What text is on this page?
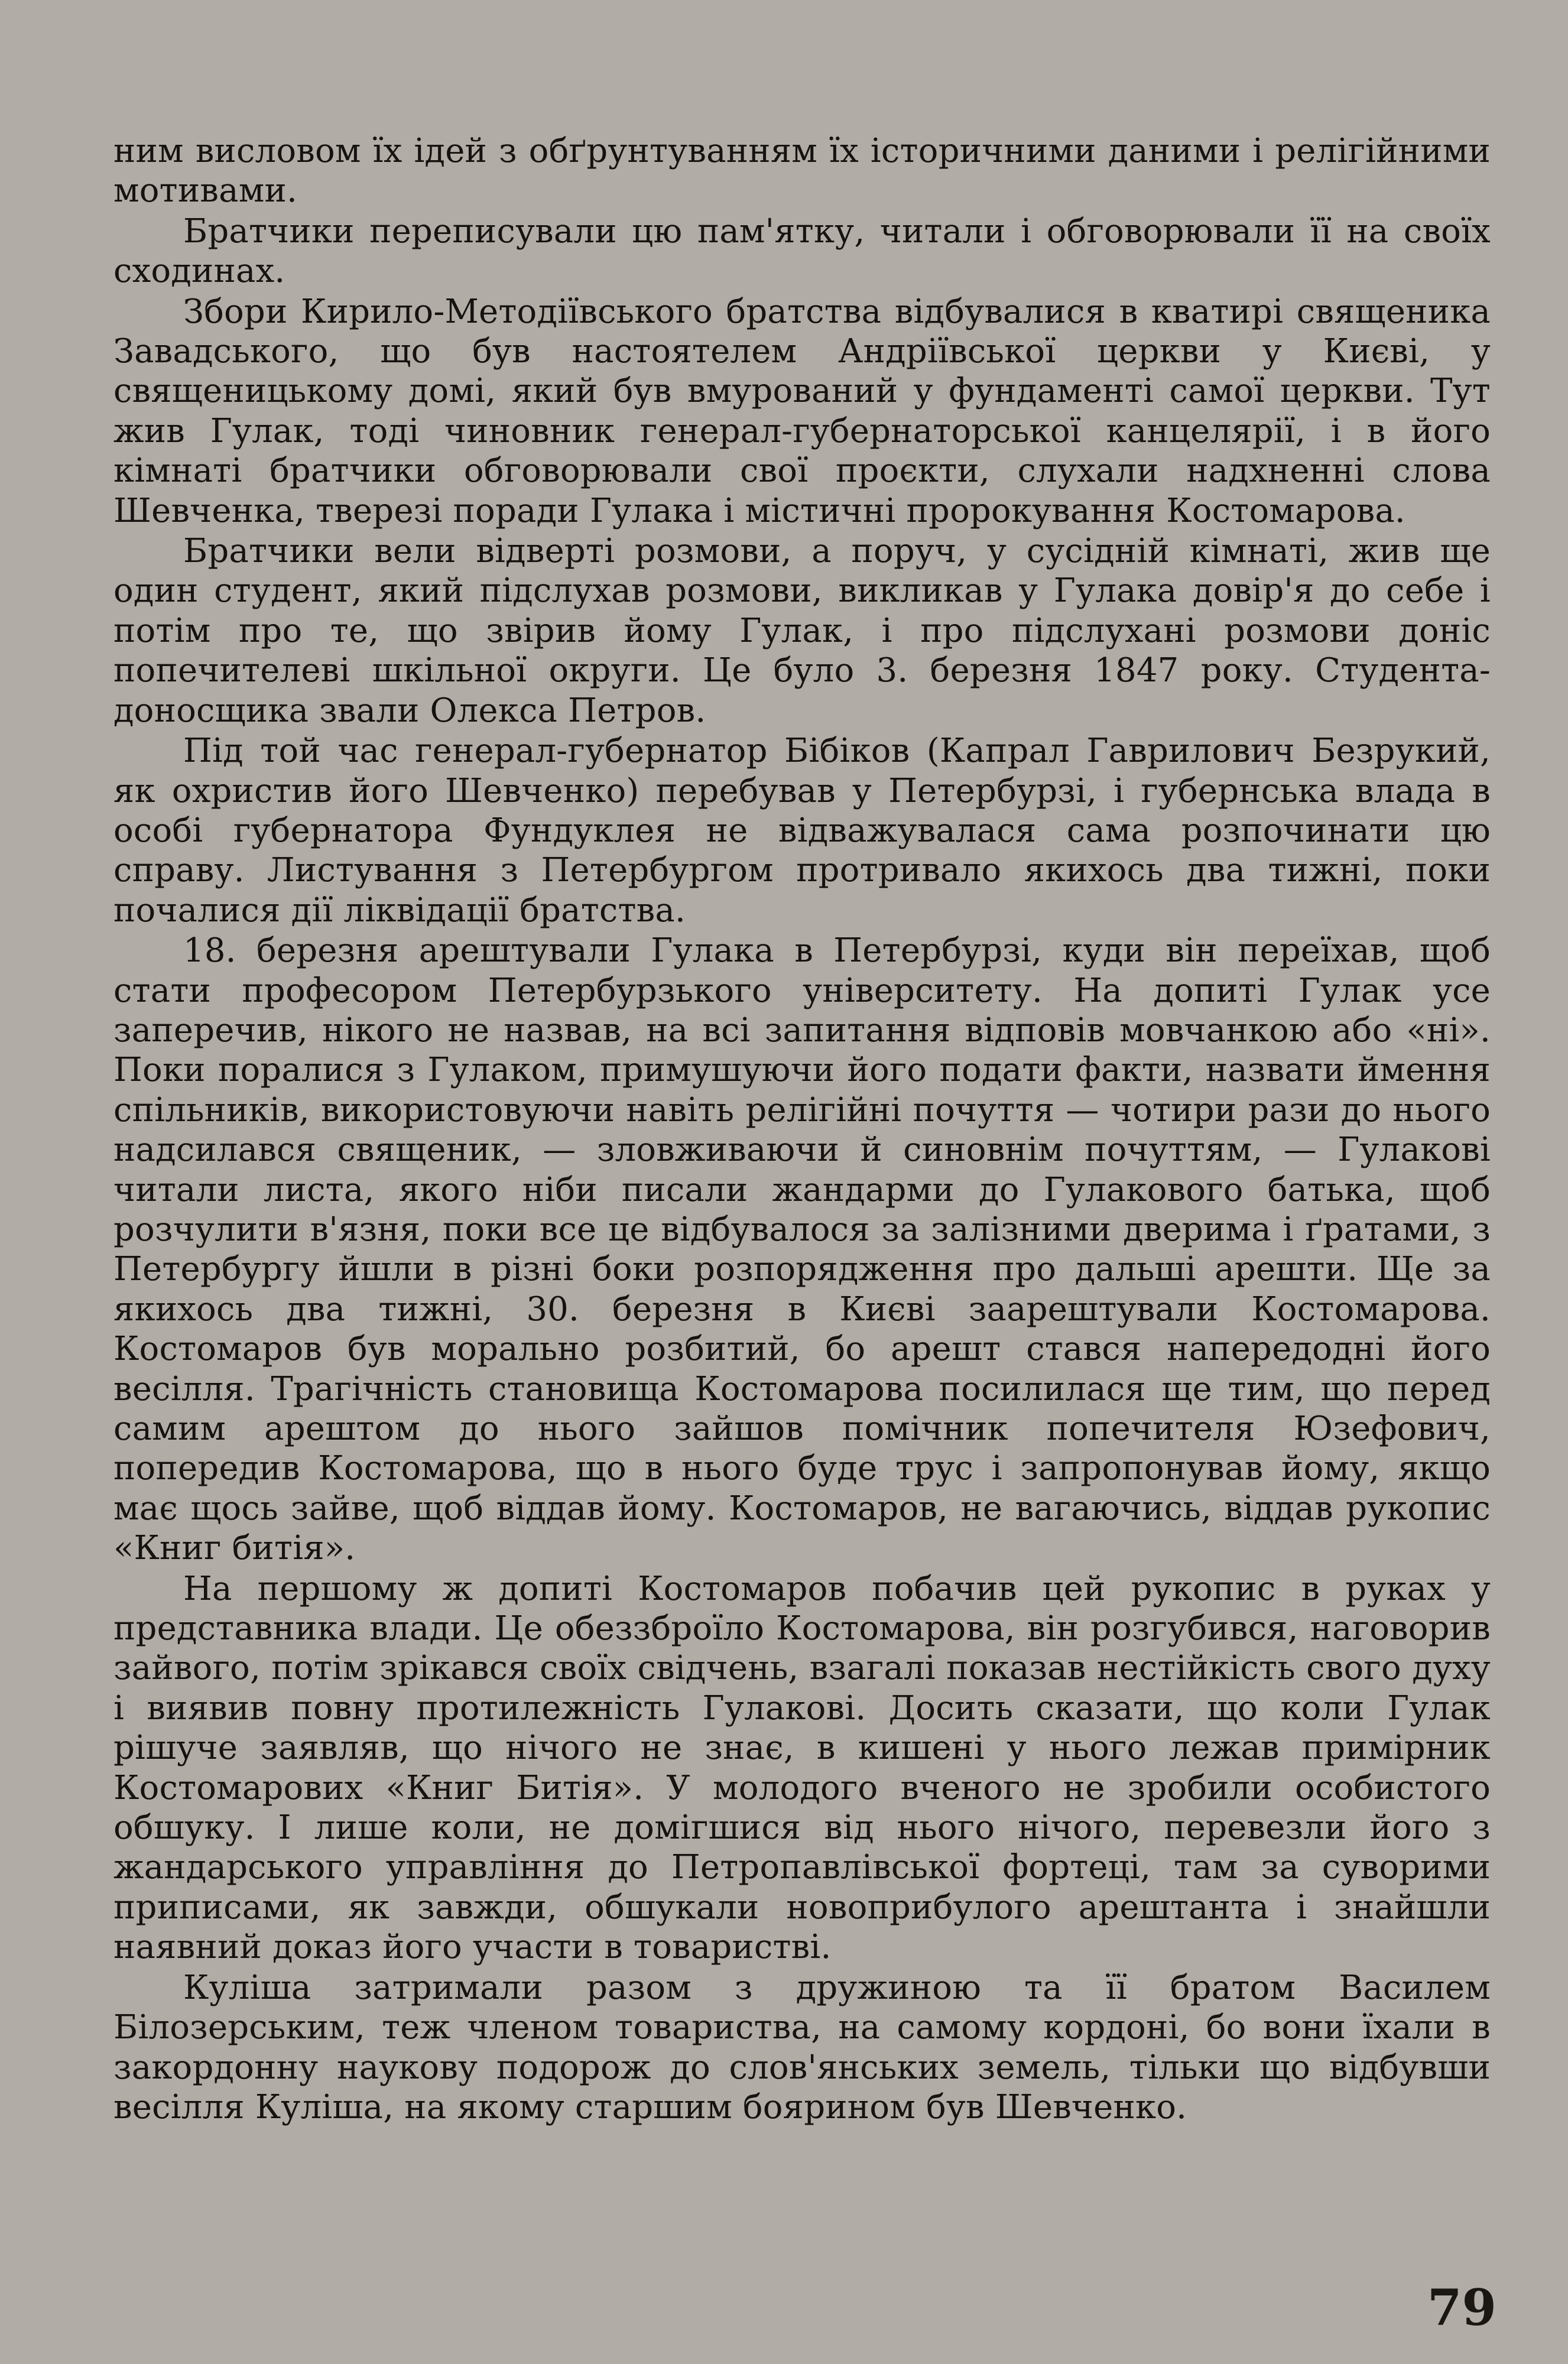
ним висловом їх ідей з обґрунтуванням їх історичними даними і релігійними мотивами.

Братчики переписували цю пам'ятку, читали і обговорювали її на своїх сходинах.

Збори Кирило-Методіївського братства відбувалися в кватирі священика Завадського, що був настоятелем Андріївської церкви у Києві, у священицькому домі, який був вмурований у фундаменті самої церкви. Тут жив Гулак, тоді чиновник генерал-губернаторської канцелярії, і в його кімнаті братчики обговорювали свої проєкти, слухали надхненні слова Шевченка, тверезі поради Гулака і містичні пророкування Костомарова.

Братчики вели відверті розмови, а поруч, у сусідній кімнаті, жив ще один студент, який підслухав розмови, викликав у Гулака довір'я до себе і потім про те, що звірив йому Гулак, і про підслухані розмови доніс попечителеві шкільної округи. Це було 3. березня 1847 року. Студента-доносщика звали Олекса Петров.

Під той час генерал-губернатор Бібіков (Капрал Гаврилович Безрукий, як охристив його Шевченко) перебував у Петербурзі, і губернська влада в особі губернатора Фундуклея не відважувалася сама розпочинати цю справу. Листування з Петербургом протривало якихось два тижні, поки почалися дії ліквідації братства.

18. березня арештували Гулака в Петербурзі, куди він переїхав, щоб стати професором Петербурзького університету. На допиті Гулак усе заперечив, нікого не назвав, на всі запитання відповів мовчанкою або «ні». Поки поралися з Гулаком, примушуючи його подати факти, назвати ймення спільників, використовуючи навіть релігійні почуття — чотири рази до нього надсилався священик, — зловживаючи й синовнім почуттям, — Гулакові читали листа, якого ніби писали жандарми до Гулакового батька, щоб розчулити в'язня, поки все це відбувалося за залізними дверима і ґратами, з Петербургу йшли в різні боки розпорядження про дальші арешти. Ще за якихось два тижні, 30. березня в Києві заарештували Костомарова. Костомаров був морально розбитий, бо арешт стався напередодні його весілля. Трагічність становища Костомарова посилилася ще тим, що перед самим арештом до нього зайшов помічник попечителя Юзефович, попередив Костомарова, що в нього буде трус і запропонував йому, якщо має щось зайве, щоб віддав йому. Костомаров, не вагаючись, віддав рукопис «Книг битія».

На першому ж допиті Костомаров побачив цей рукопис в руках у представника влади. Це обеззброїло Костомарова, він розгубився, наговорив зайвого, потім зрікався своїх свідчень, взагалі показав нестійкість свого духу і виявив повну протилежність Гулакові. Досить сказати, що коли Гулак рішуче заявляв, що нічого не знає, в кишені у нього лежав примірник Костомарових «Книг Битія». У молодого вченого не зробили особистого обшуку. І лише коли, не домігшися від нього нічого, перевезли його з жандарського управління до Петропавлівської фортеці, там за суворими приписами, як завжди, обшукали новоприбулого арештанта і знайшли наявний доказ його участи в товаристві.

Куліша затримали разом з дружиною та її братом Василем Білозерським, теж членом товариства, на самому кордоні, бо вони їхали в закордонну наукову подорож до слов'янських земель, тільки що відбувши весілля Куліша, на якому старшим боярином був Шевченко.

79
